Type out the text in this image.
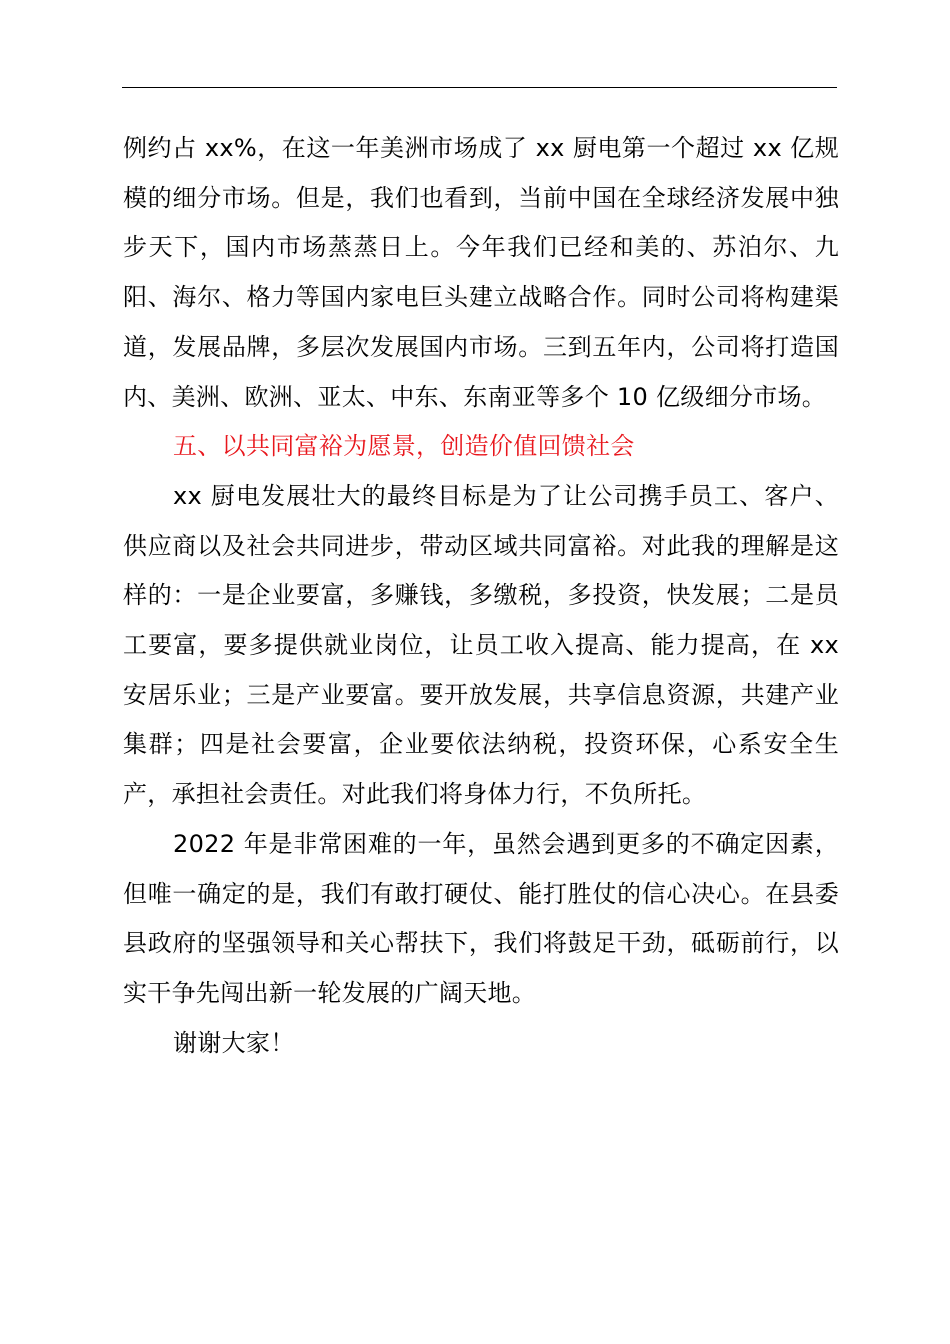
例约占 xx%，在这一年美洲市场成了 xx 厨电第一个超过 xx 亿规模的细分市场。但是，我们也看到，当前中国在全球经济发展中独步天下，国内市场蒸蒸日上。今年我们已经和美的、苏泊尔、九阳、海尔、格力等国内家电巨头建立战略合作。同时公司将构建渠道，发展品牌，多层次发展国内市场。三到五年内，公司将打造国内、美洲、欧洲、亚太、中东、东南亚等多个 10 亿级细分市场。

五、以共同富裕为愿景，创造价值回馈社会

xx 厨电发展壮大的最终目标是为了让公司携手员工、客户、供应商以及社会共同进步，带动区域共同富裕。对此我的理解是这样的：一是企业要富，多赚钱，多缴税，多投资，快发展；二是员工要富，要多提供就业岗位，让员工收入提高、能力提高，在 xx 安居乐业；三是产业要富。要开放发展，共享信息资源，共建产业集群；四是社会要富，企业要依法纳税，投资环保，心系安全生产，承担社会责任。对此我们将身体力行，不负所托。

2022 年是非常困难的一年，虽然会遇到更多的不确定因素，但唯一确定的是，我们有敢打硬仗、能打胜仗的信心决心。在县委县政府的坚强领导和关心帮扶下，我们将鼓足干劲，砥砺前行，以实干争先闯出新一轮发展的广阔天地。

谢谢大家！
